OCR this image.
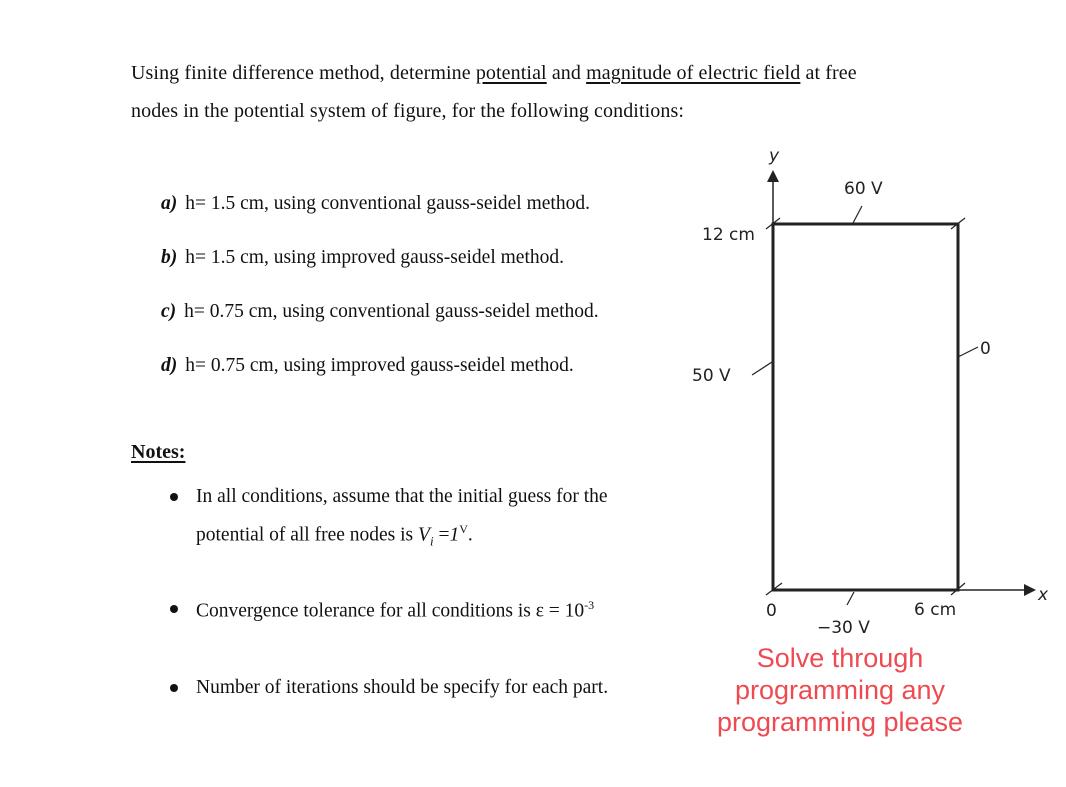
Using finite difference method, determine potential and magnitude of electric field at free
nodes in the potential system of figure, for the following conditions:
a) h= 1.5 cm, using conventional gauss-seidel method.
b) h= 1.5 cm, using improved gauss-seidel method.
c) h= 0.75 cm, using conventional gauss-seidel method.
d) h= 0.75 cm, using improved gauss-seidel method.
Notes:
In all conditions, assume that the initial guess for the
potential of all free nodes is $V_i =1^V$.
Convergence tolerance for all conditions is $\varepsilon = 10^{-3}$
Number of iterations should be specify for each part.
y
x
60 V
12 cm
50 V
0
0	6 cm
−30 V
Solve through programming any programming please
